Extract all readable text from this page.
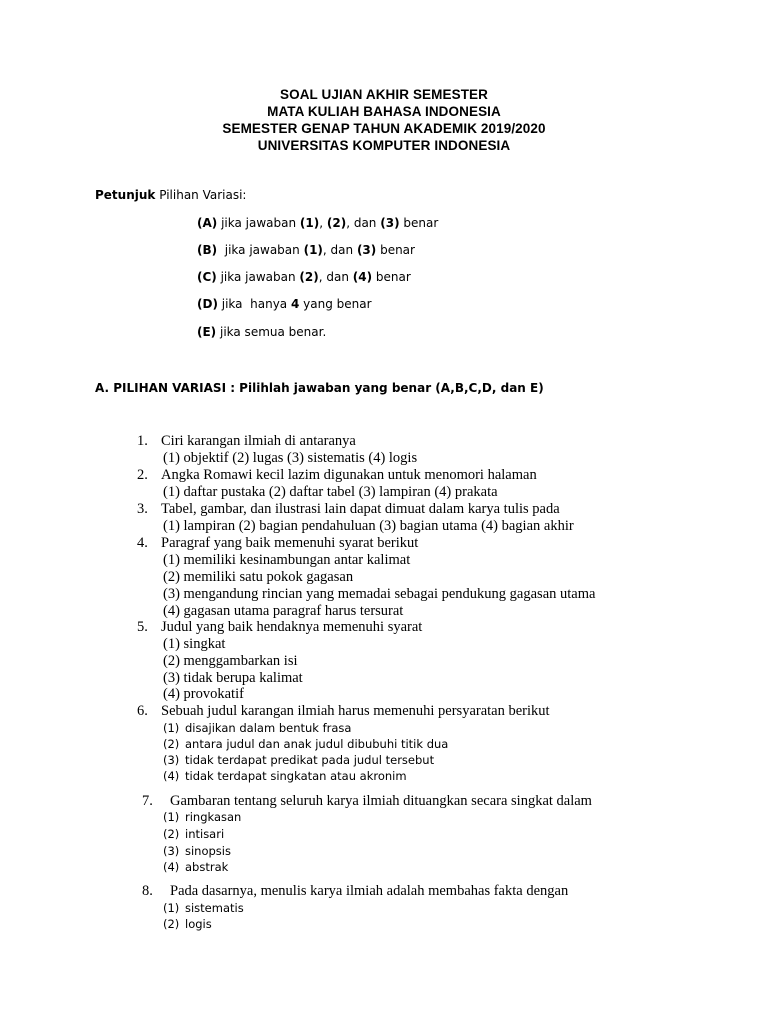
SOAL UJIAN AKHIR SEMESTER
MATA KULIAH BAHASA INDONESIA
SEMESTER GENAP TAHUN AKADEMIK 2019/2020
UNIVERSITAS KOMPUTER INDONESIA
Petunjuk Pilihan Variasi:
(A) jika jawaban (1), (2), dan (3) benar
(B)  jika jawaban (1), dan (3) benar
(C) jika jawaban (2), dan (4) benar
(D) jika  hanya 4 yang benar
(E) jika semua benar.
A. PILIHAN VARIASI : Pilihlah jawaban yang benar (A,B,C,D, dan E)
1. Ciri karangan ilmiah di antaranya
(1) objektif (2) lugas (3) sistematis (4) logis
2. Angka Romawi kecil lazim digunakan untuk menomori halaman
(1) daftar pustaka (2) daftar tabel (3) lampiran (4) prakata
3. Tabel, gambar, dan ilustrasi lain dapat dimuat dalam karya tulis pada
(1) lampiran (2) bagian pendahuluan (3) bagian utama (4) bagian akhir
4. Paragraf yang baik memenuhi syarat berikut
(1) memiliki kesinambungan antar kalimat
(2) memiliki satu pokok gagasan
(3) mengandung rincian yang memadai sebagai pendukung gagasan utama
(4) gagasan utama paragraf harus tersurat
5. Judul yang baik hendaknya memenuhi syarat
(1) singkat
(2) menggambarkan isi
(3) tidak berupa kalimat
(4) provokatif
6. Sebuah judul karangan ilmiah harus memenuhi persyaratan berikut
(1) disajikan dalam bentuk frasa
(2) antara judul dan anak judul dibubuhi titik dua
(3) tidak terdapat predikat pada judul tersebut
(4) tidak terdapat singkatan atau akronim
7. Gambaran tentang seluruh karya ilmiah dituangkan secara singkat dalam
(1) ringkasan
(2) intisari
(3) sinopsis
(4) abstrak
8. Pada dasarnya, menulis karya ilmiah adalah membahas fakta dengan
(1) sistematis
(2) logis
